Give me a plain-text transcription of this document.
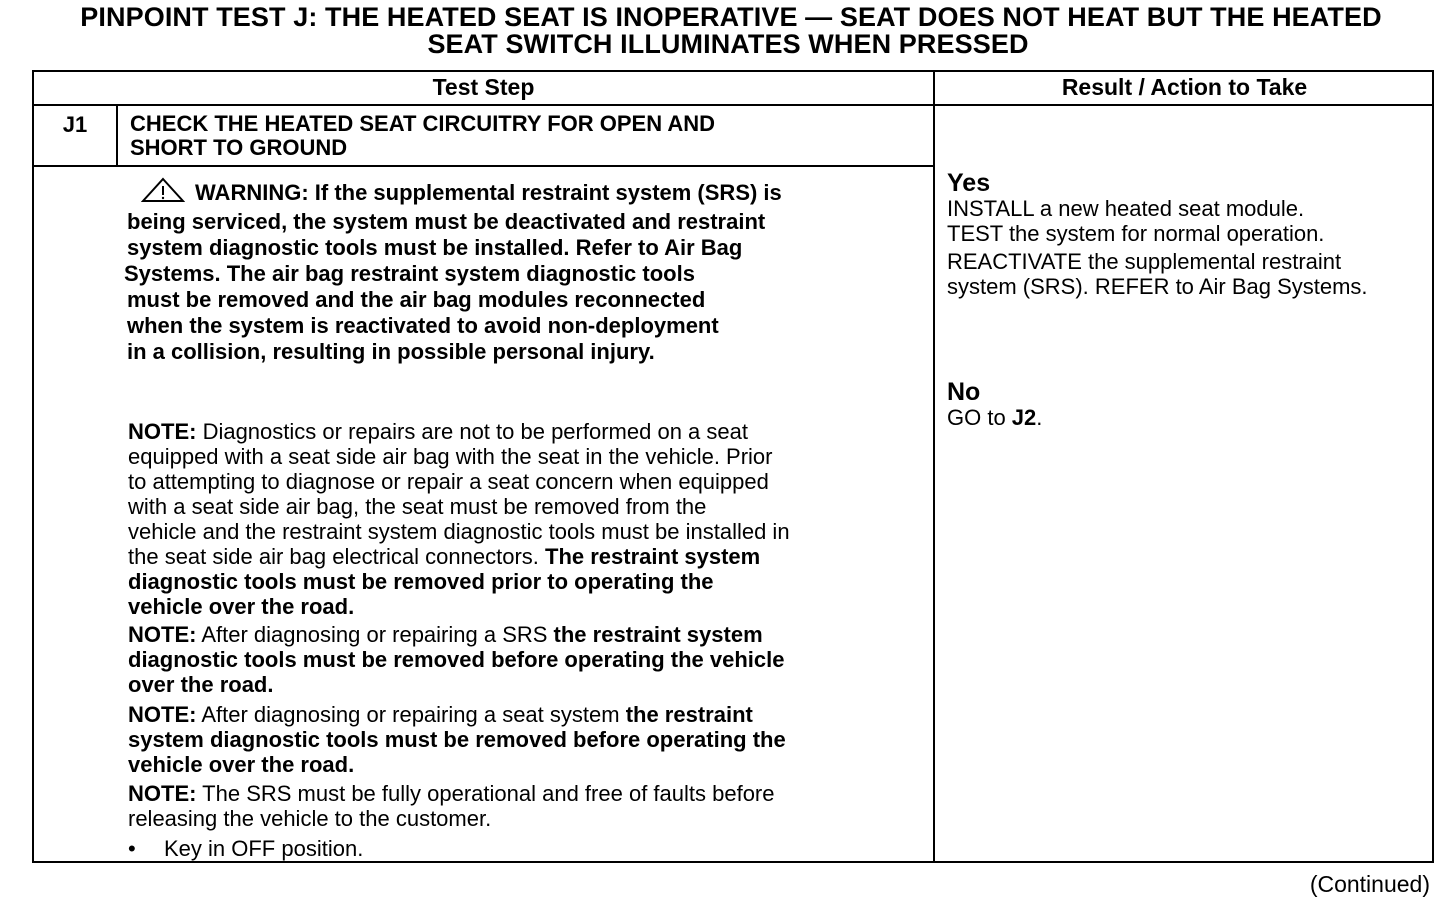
PINPOINT TEST J: THE HEATED SEAT IS INOPERATIVE — SEAT DOES NOT HEAT BUT THE HEATED
SEAT SWITCH ILLUMINATES WHEN PRESSED
Test Step	Result / Action to Take
J1	CHECK THE HEATED SEAT CIRCUITRY FOR OPEN AND
SHORT TO GROUND
WARNING: If the supplemental restraint system (SRS) is
being serviced, the system must be deactivated and restraint
system diagnostic tools must be installed. Refer to Air Bag
Systems. The air bag restraint system diagnostic tools
must be removed and the air bag modules reconnected
when the system is reactivated to avoid non-deployment
in a collision, resulting in possible personal injury.
NOTE: Diagnostics or repairs are not to be performed on a seat
equipped with a seat side air bag with the seat in the vehicle. Prior
to attempting to diagnose or repair a seat concern when equipped
with a seat side air bag, the seat must be removed from the
vehicle and the restraint system diagnostic tools must be installed in
the seat side air bag electrical connectors. The restraint system
diagnostic tools must be removed prior to operating the
vehicle over the road.
NOTE: After diagnosing or repairing a SRS the restraint system
diagnostic tools must be removed before operating the vehicle
over the road.
NOTE: After diagnosing or repairing a seat system the restraint
system diagnostic tools must be removed before operating the
vehicle over the road.
NOTE: The SRS must be fully operational and free of faults before
releasing the vehicle to the customer.
• Key in OFF position.
Yes
INSTALL a new heated seat module.
TEST the system for normal operation.
REACTIVATE the supplemental restraint
system (SRS). REFER to Air Bag Systems.
No
GO to J2.
(Continued)
